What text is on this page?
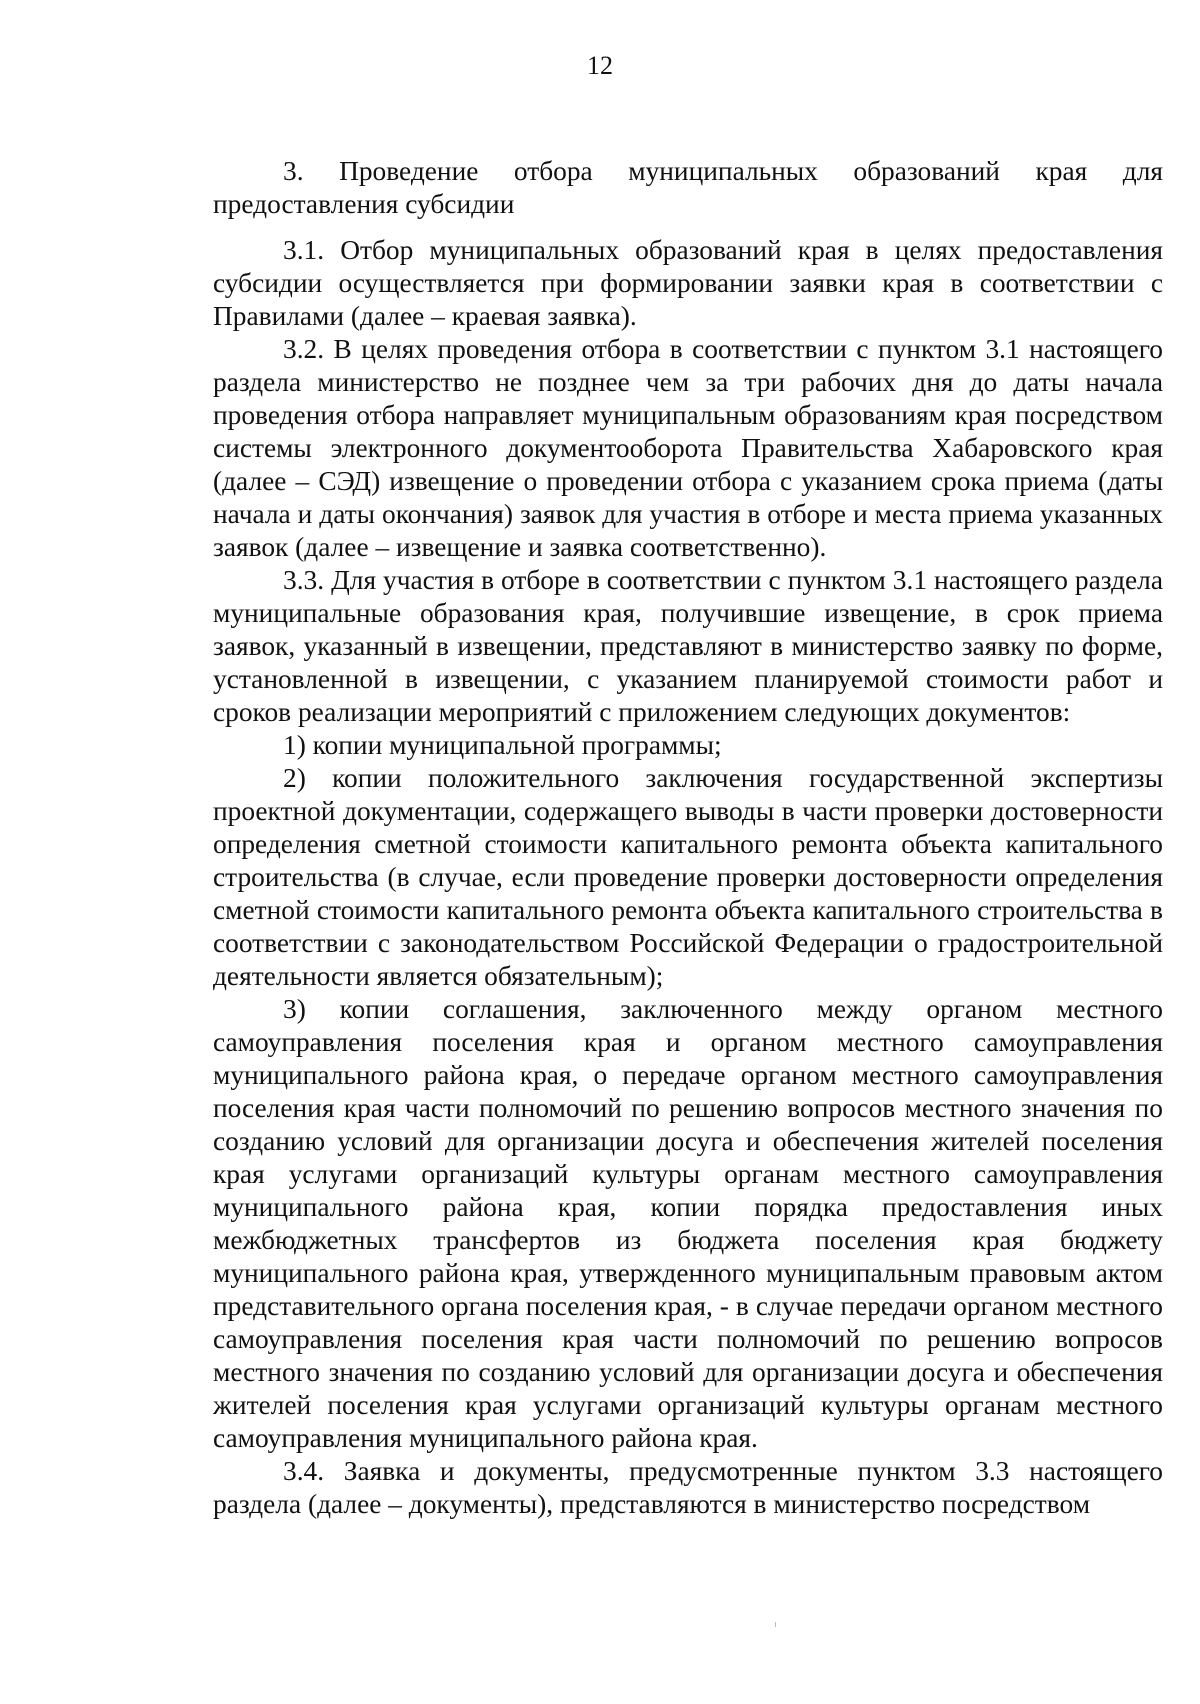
12

3. Проведение отбора муниципальных образований края для предоставления субсидии

3.1. Отбор муниципальных образований края в целях предоставления субсидии осуществляется при формировании заявки края в соответствии с Правилами (далее – краевая заявка).

3.2. В целях проведения отбора в соответствии с пунктом 3.1 настоящего раздела министерство не позднее чем за три рабочих дня до даты начала проведения отбора направляет муниципальным образованиям края посредством системы электронного документооборота Правительства Хабаровского края (далее – СЭД) извещение о проведении отбора с указанием срока приема (даты начала и даты окончания) заявок для участия в отборе и места приема указанных заявок (далее – извещение и заявка соответственно).

3.3. Для участия в отборе в соответствии с пунктом 3.1 настоящего раздела муниципальные образования края, получившие извещение, в срок приема заявок, указанный в извещении, представляют в министерство заявку по форме, установленной в извещении, с указанием планируемой стоимости работ и сроков реализации мероприятий с приложением следующих документов:

1) копии муниципальной программы;

2) копии положительного заключения государственной экспертизы проектной документации, содержащего выводы в части проверки достоверности определения сметной стоимости капитального ремонта объекта капитального строительства (в случае, если проведение проверки достоверности определения сметной стоимости капитального ремонта объекта капитального строительства в соответствии с законодательством Российской Федерации о градостроительной деятельности является обязательным);

3) копии соглашения, заключенного между органом местного самоуправления поселения края и органом местного самоуправления муниципального района края, о передаче органом местного самоуправления поселения края части полномочий по решению вопросов местного значения по созданию условий для организации досуга и обеспечения жителей поселения края услугами организаций культуры органам местного самоуправления муниципального района края, копии порядка предоставления иных межбюджетных трансфертов из бюджета поселения края бюджету муниципального района края, утвержденного муниципальным правовым актом представительного органа поселения края, - в случае передачи органом местного самоуправления поселения края части полномочий по решению вопросов местного значения по созданию условий для организации досуга и обеспечения жителей поселения края услугами организаций культуры органам местного самоуправления муниципального района края.

3.4. Заявка и документы, предусмотренные пунктом 3.3 настоящего раздела (далее – документы), представляются в министерство посредством
